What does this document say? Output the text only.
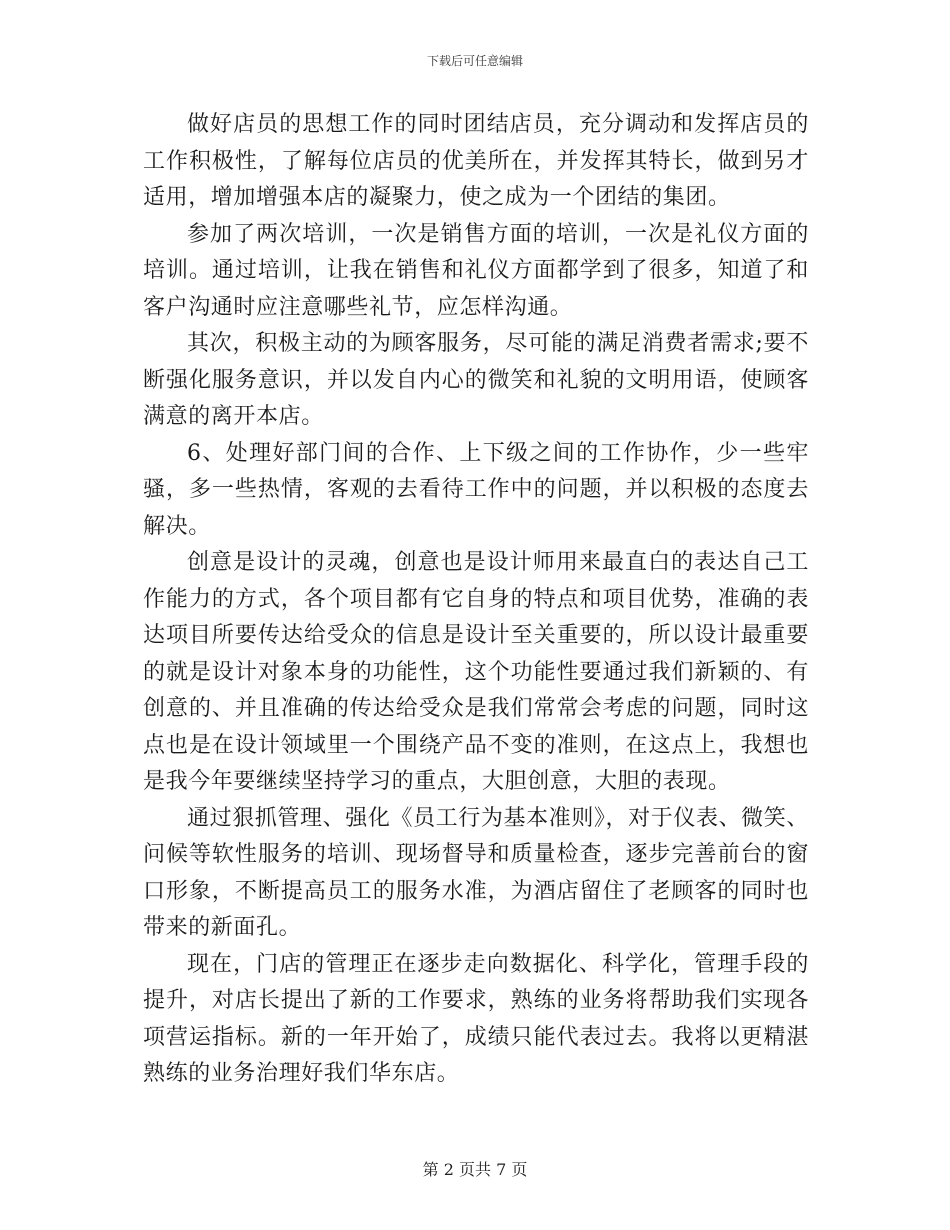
下载后可任意编辑

做好店员的思想工作的同时团结店员，充分调动和发挥店员的工作积极性，了解每位店员的优美所在，并发挥其特长，做到另才适用，增加增强本店的凝聚力，使之成为一个团结的集团。

参加了两次培训，一次是销售方面的培训，一次是礼仪方面的培训。通过培训，让我在销售和礼仪方面都学到了很多，知道了和客户沟通时应注意哪些礼节，应怎样沟通。

其次，积极主动的为顾客服务，尽可能的满足消费者需求;要不断强化服务意识，并以发自内心的微笑和礼貌的文明用语，使顾客满意的离开本店。

6、处理好部门间的合作、上下级之间的工作协作，少一些牢骚，多一些热情，客观的去看待工作中的问题，并以积极的态度去解决。

创意是设计的灵魂，创意也是设计师用来最直白的表达自己工作能力的方式，各个项目都有它自身的特点和项目优势，准确的表达项目所要传达给受众的信息是设计至关重要的，所以设计最重要的就是设计对象本身的功能性，这个功能性要通过我们新颖的、有创意的、并且准确的传达给受众是我们常常会考虑的问题，同时这点也是在设计领域里一个围绕产品不变的准则，在这点上，我想也是我今年要继续坚持学习的重点，大胆创意，大胆的表现。

通过狠抓管理、强化《员工行为基本准则》，对于仪表、微笑、问候等软性服务的培训、现场督导和质量检查，逐步完善前台的窗口形象，不断提高员工的服务水准，为酒店留住了老顾客的同时也带来的新面孔。

现在，门店的管理正在逐步走向数据化、科学化，管理手段的提升，对店长提出了新的工作要求，熟练的业务将帮助我们实现各项营运指标。新的一年开始了，成绩只能代表过去。我将以更精湛熟练的业务治理好我们华东店。

第 2 页共 7 页
